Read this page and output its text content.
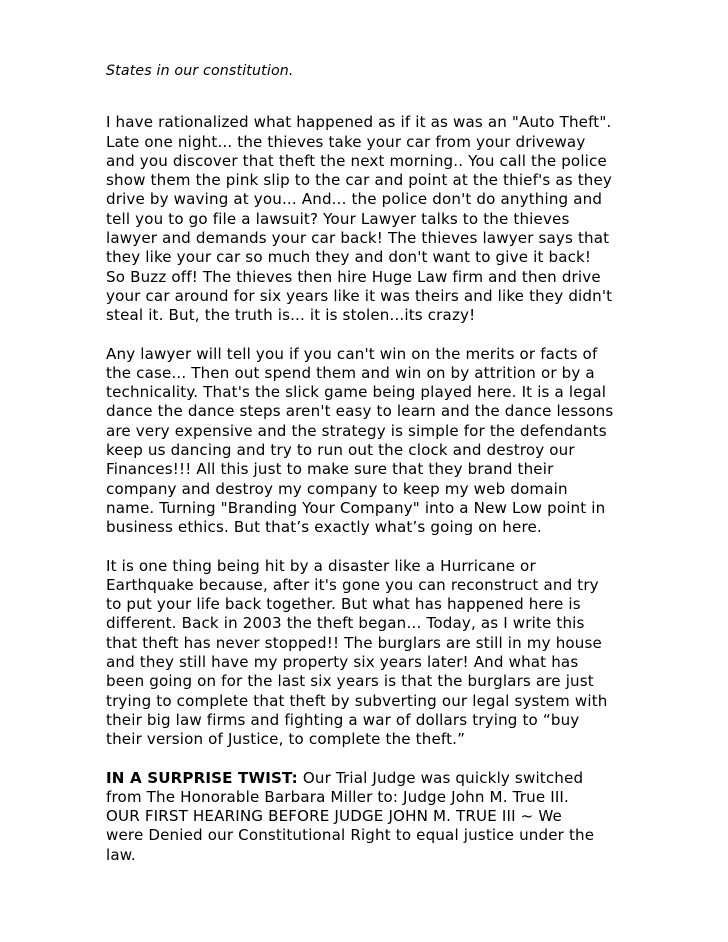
States in our constitution.

I have rationalized what happened as if it as was an "Auto Theft".
Late one night... the thieves take your car from your driveway
and you discover that theft the next morning.. You call the police
show them the pink slip to the car and point at the thief's as they
drive by waving at you... And... the police don't do anything and
tell you to go file a lawsuit? Your Lawyer talks to the thieves
lawyer and demands your car back! The thieves lawyer says that
they like your car so much they and don't want to give it back!
So Buzz off! The thieves then hire Huge Law firm and then drive
your car around for six years like it was theirs and like they didn't
steal it. But, the truth is... it is stolen...its crazy!

Any lawyer will tell you if you can't win on the merits or facts of
the case... Then out spend them and win on by attrition or by a
technicality. That's the slick game being played here. It is a legal
dance the dance steps aren't easy to learn and the dance lessons
are very expensive and the strategy is simple for the defendants
keep us dancing and try to run out the clock and destroy our
Finances!!! All this just to make sure that they brand their
company and destroy my company to keep my web domain
name. Turning "Branding Your Company" into a New Low point in
business ethics. But that’s exactly what’s going on here.

It is one thing being hit by a disaster like a Hurricane or
Earthquake because, after it's gone you can reconstruct and try
to put your life back together. But what has happened here is
different. Back in 2003 the theft began… Today, as I write this
that theft has never stopped!! The burglars are still in my house
and they still have my property six years later! And what has
been going on for the last six years is that the burglars are just
trying to complete that theft by subverting our legal system with
their big law firms and fighting a war of dollars trying to “buy
their version of Justice, to complete the theft.”

IN A SURPRISE TWIST: Our Trial Judge was quickly switched
from The Honorable Barbara Miller to: Judge John M. True III.
OUR FIRST HEARING BEFORE JUDGE JOHN M. TRUE III ~ We
were Denied our Constitutional Right to equal justice under the
law.
